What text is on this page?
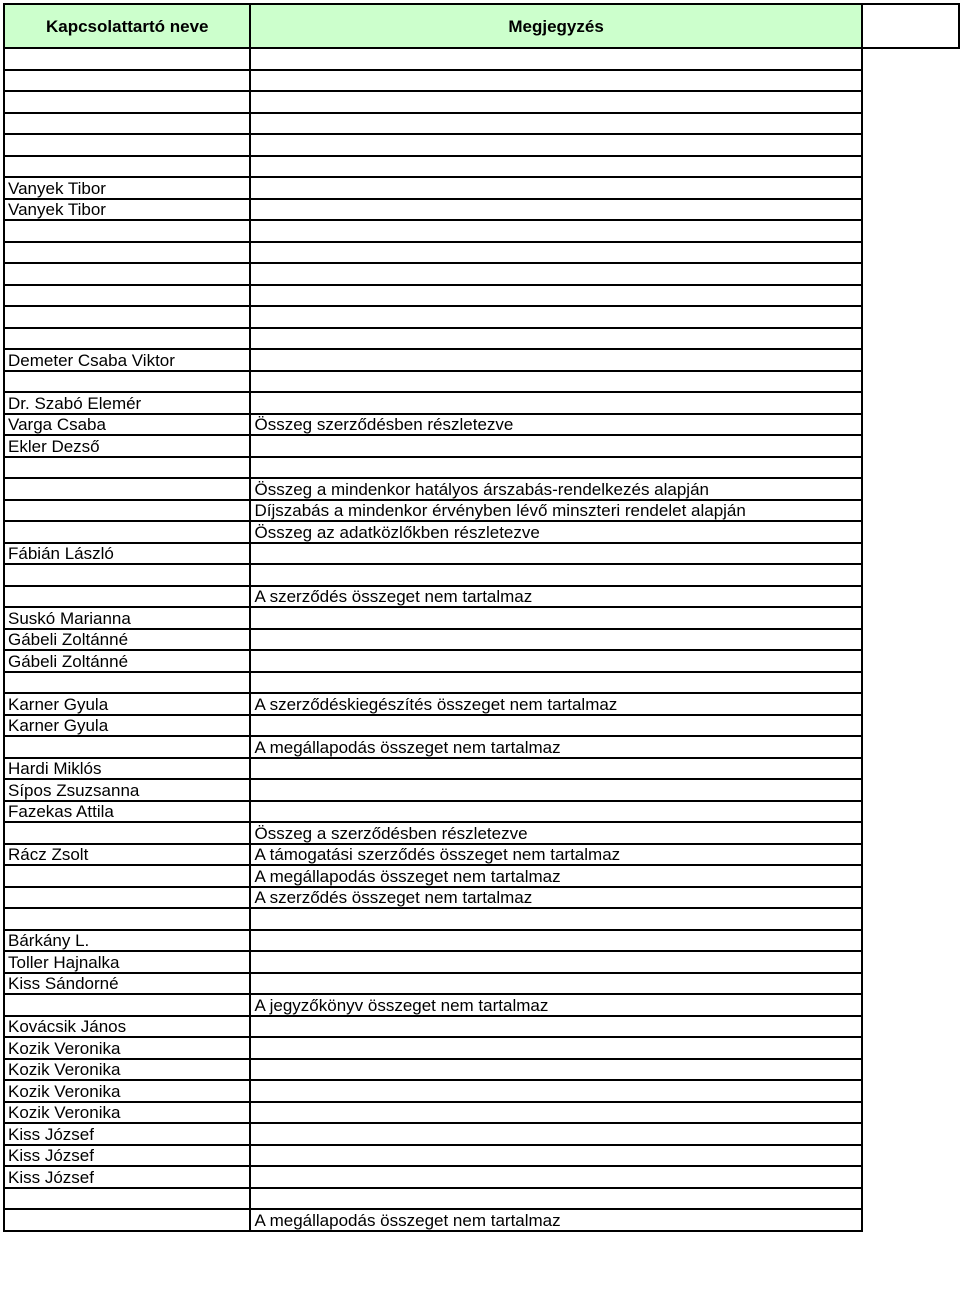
Kapcsolattartó neve	Megjegyzés	

Vanyek Tibor		
Vanyek Tibor		

Demeter Csaba Viktor		

Dr. Szabó Elemér		
Varga Csaba	Összeg szerződésben részletezve	
Ekler Dezső		

	Összeg a mindenkor hatályos árszabás-rendelkezés alapján	
	Díjszabás a mindenkor érvényben lévő minszteri rendelet alapján	
	Összeg az adatközlőkben részletezve	
Fábián László		

	A szerződés összeget nem tartalmaz	
Suskó Marianna		
Gábeli Zoltánné		
Gábeli Zoltánné		

Karner Gyula	A szerződéskiegészítés összeget nem tartalmaz	
Karner Gyula		
	A megállapodás összeget nem tartalmaz	
Hardi Miklós		
Sípos Zsuzsanna		
Fazekas Attila		
	Összeg a szerződésben részletezve	
Rácz Zsolt	A támogatási szerződés összeget nem tartalmaz	
	A megállapodás összeget nem tartalmaz	
	A szerződés összeget nem tartalmaz	

Bárkány L.		
Toller Hajnalka		
Kiss Sándorné		
	A jegyzőkönyv összeget nem tartalmaz	
Kovácsik János		
Kozik Veronika		
Kozik Veronika		
Kozik Veronika		
Kozik Veronika		
Kiss József		
Kiss József		
Kiss József		

	A megállapodás összeget nem tartalmaz	
